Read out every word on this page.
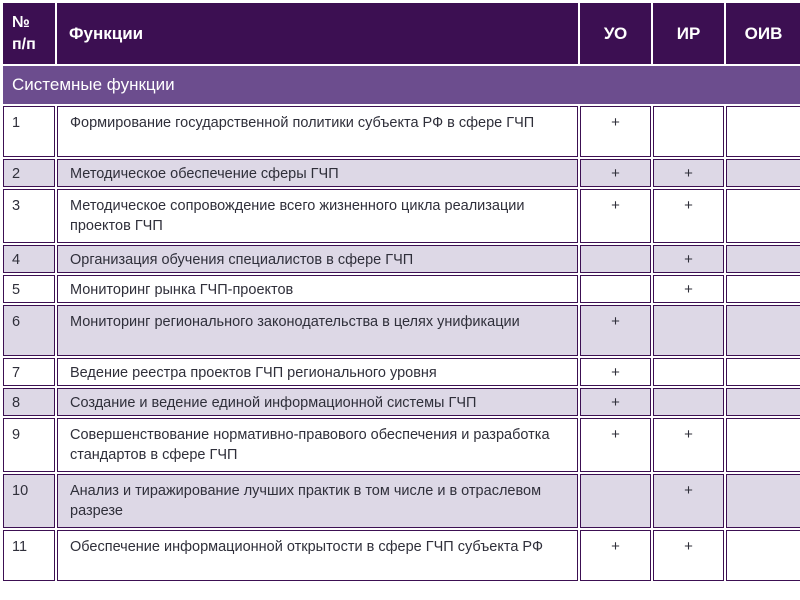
№ п/п	Функции	УО	ИР	ОИВ
Системные функции				
1	Формирование государственной политики субъекта РФ в сфере ГЧП	+		
2	Методическое обеспечение сферы ГЧП	+	+	
3	Методическое сопровождение всего жизненного цикла реализации проектов ГЧП	+	+	
4	Организация обучения специалистов в сфере ГЧП		+	
5	Мониторинг рынка ГЧП-проектов		+	
6	Мониторинг регионального законодательства в целях унификации	+		
7	Ведение реестра проектов ГЧП регионального уровня	+		
8	Создание и ведение единой информационной системы ГЧП	+		
9	Совершенствование нормативно-правового обеспечения и разработка стандартов в сфере ГЧП	+	+	
10	Анализ и тиражирование лучших практик в том числе и в отраслевом разрезе		+	
11	Обеспечение информационной открытости в сфере ГЧП субъекта РФ	+	+	
